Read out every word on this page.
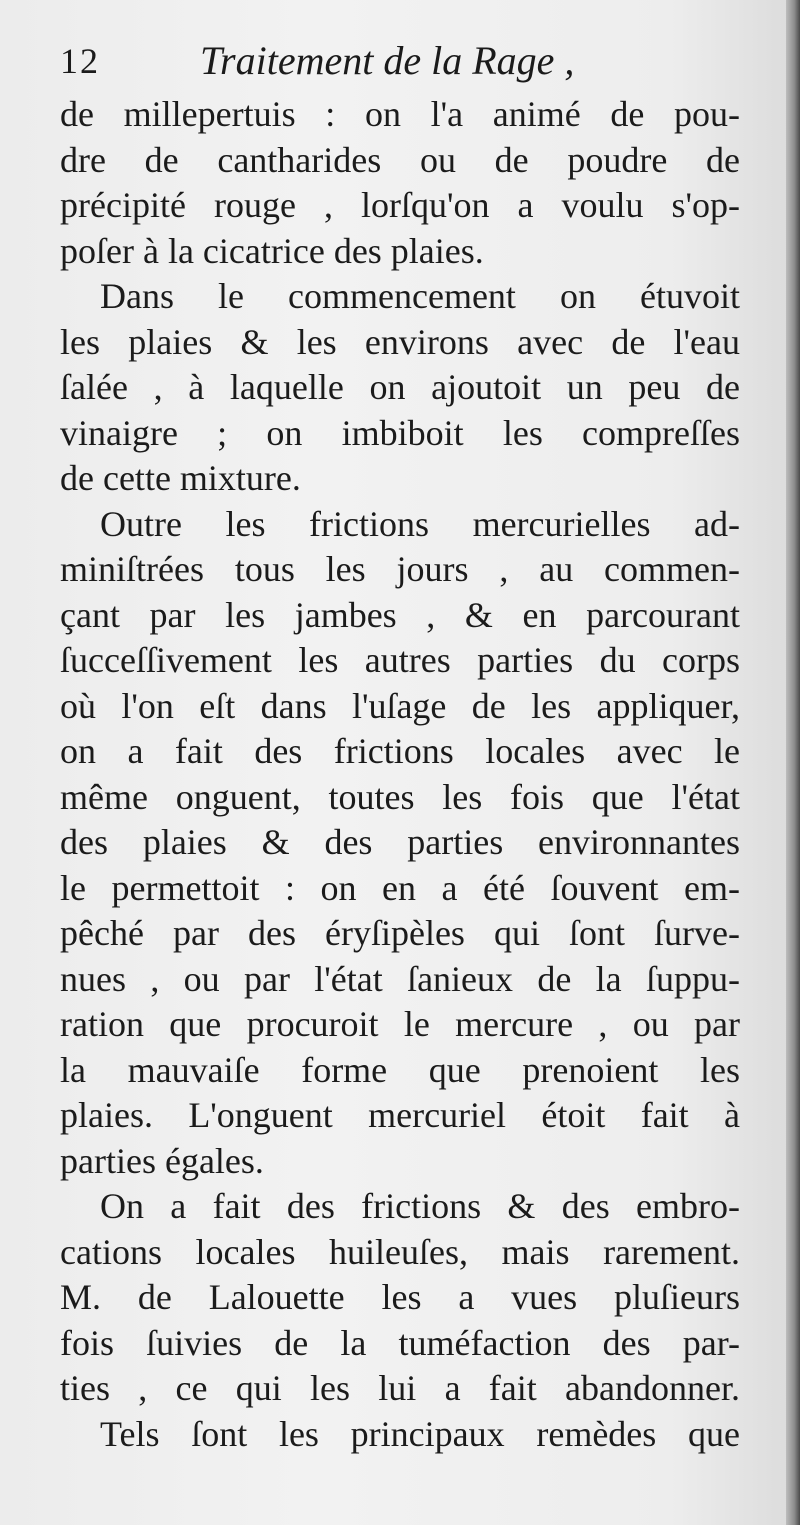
12	Traitement de la Rage ,
de millepertuis : on l'a animé de pou-
dre de cantharides ou de poudre de
précipité rouge , lorſqu'on a voulu s'op-
poſer à la cicatrice des plaies.
Dans le commencement on étuvoit
les plaies & les environs avec de l'eau
ſalée , à laquelle on ajoutoit un peu de
vinaigre ; on imbiboit les compreſſes
de cette mixture.
Outre les frictions mercurielles ad-
miniſtrées tous les jours , au commen-
çant par les jambes , & en parcourant
ſucceſſivement les autres parties du corps
où l'on eſt dans l'uſage de les appliquer,
on a fait des frictions locales avec le
même onguent, toutes les fois que l'état
des plaies & des parties environnantes
le permettoit : on en a été ſouvent em-
pêché par des éryſipèles qui ſont ſurve-
nues , ou par l'état ſanieux de la ſuppu-
ration que procuroit le mercure , ou par
la mauvaiſe forme que prenoient les
plaies. L'onguent mercuriel étoit fait à
parties égales.
On a fait des frictions & des embro-
cations locales huileuſes, mais rarement.
M. de Lalouette les a vues pluſieurs
fois ſuivies de la tuméfaction des par-
ties , ce qui les lui a fait abandonner.
Tels ſont les principaux remèdes que
